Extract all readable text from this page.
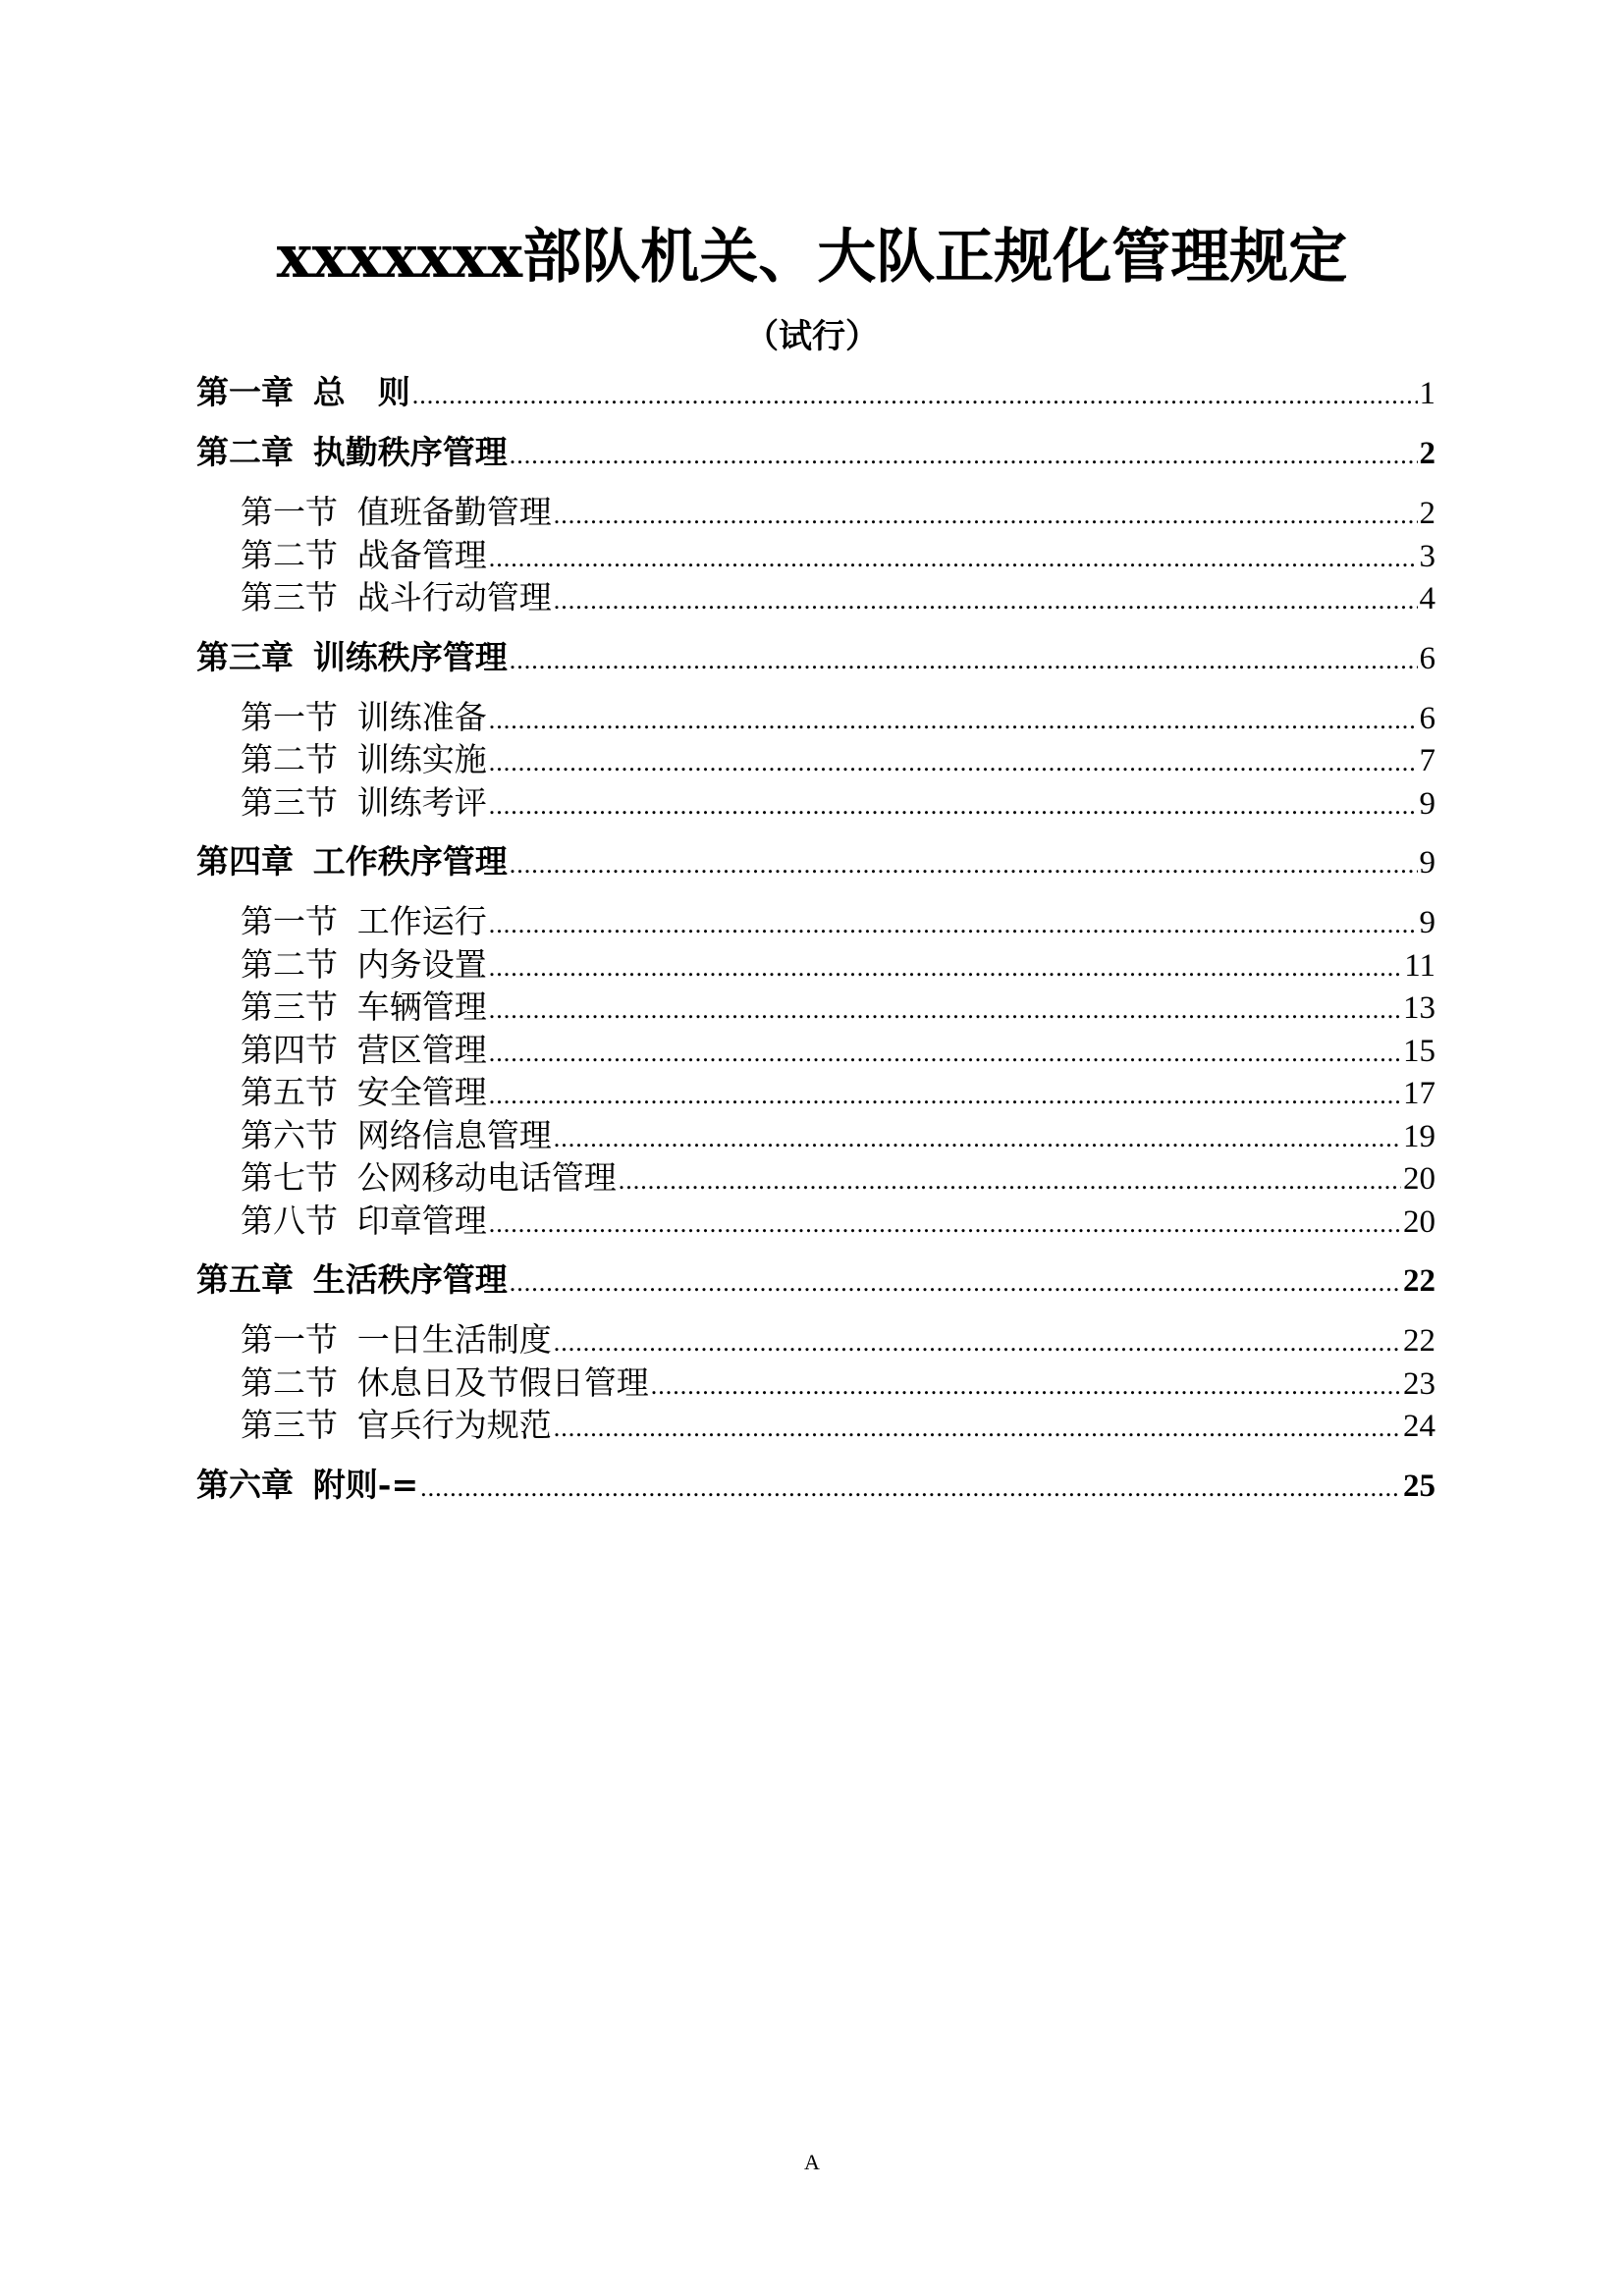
xxxxxxx部队机关、大队正规化管理规定
（试行）
第一章 总　则 .....	1
第二章 执勤秩序管理 .....	2
第一节 值班备勤管理 .....	2
第二节 战备管理 .....	3
第三节 战斗行动管理 .....	4
第三章 训练秩序管理 .....	6
第一节 训练准备 .....	6
第二节 训练实施 .....	7
第三节 训练考评 .....	9
第四章 工作秩序管理 .....	9
第一节 工作运行 .....	9
第二节 内务设置 .....	11
第三节 车辆管理 .....	13
第四节 营区管理 .....	15
第五节 安全管理 .....	17
第六节 网络信息管理 .....	19
第七节 公网移动电话管理 .....	20
第八节 印章管理 .....	20
第五章 生活秩序管理 .....	22
第一节 一日生活制度 .....	22
第二节 休息日及节假日管理 .....	23
第三节 官兵行为规范 .....	24
第六章 附则-= .....	25
A
